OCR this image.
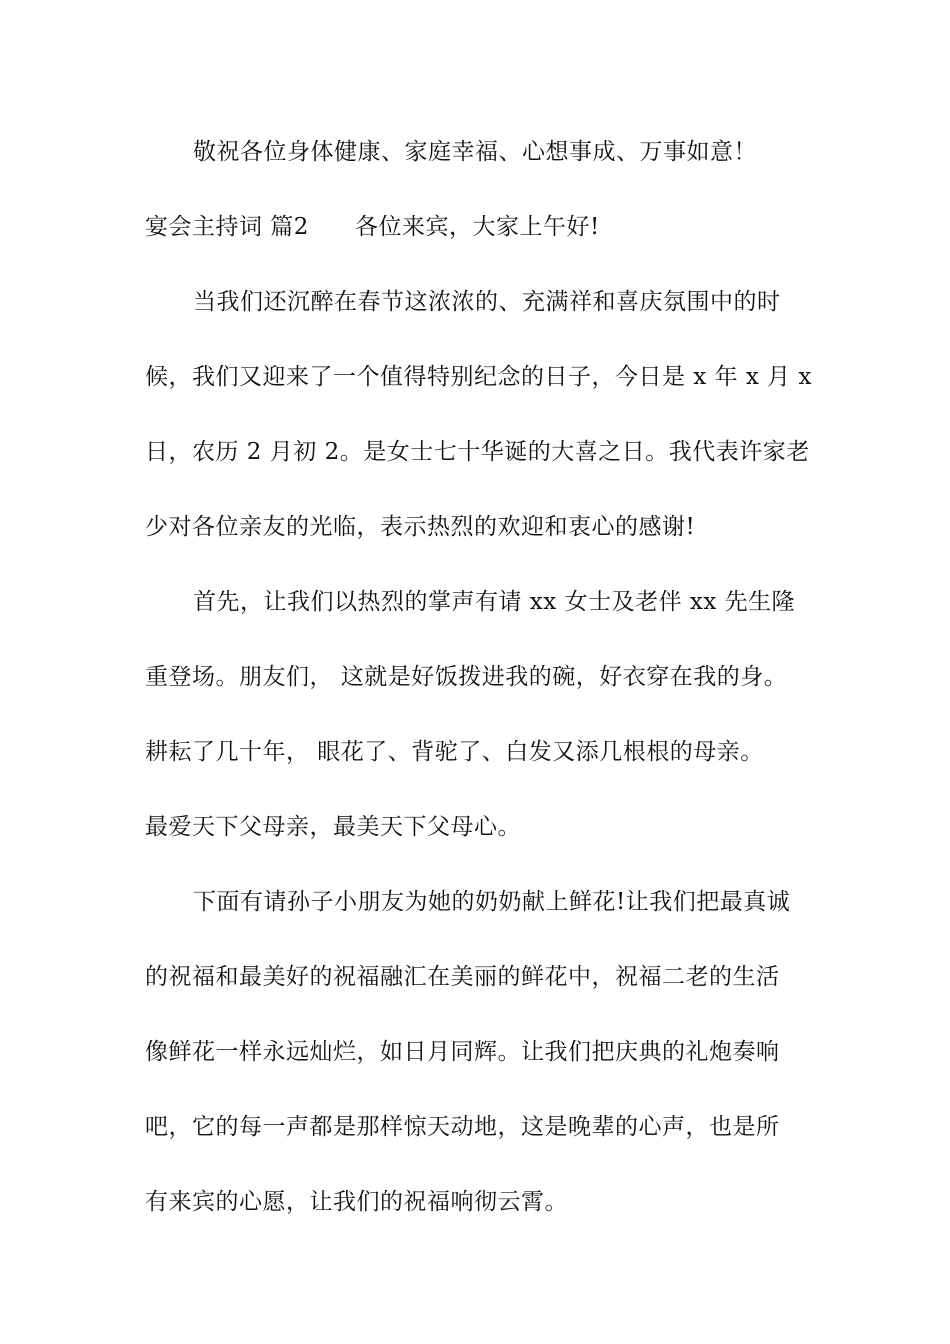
敬祝各位身体健康、家庭幸福、心想事成、万事如意！
宴会主持词 篇2 各位来宾，大家上午好!
当我们还沉醉在春节这浓浓的、充满祥和喜庆氛围中的时
候，我们又迎来了一个值得特别纪念的日子，今日是 x 年 x 月 x
日，农历 2 月初 2。是女士七十华诞的大喜之日。我代表许家老
少对各位亲友的光临，表示热烈的欢迎和衷心的感谢!
首先，让我们以热烈的掌声有请 xx 女士及老伴 xx 先生隆
重登场。朋友们， 这就是好饭拨进我的碗，好衣穿在我的身。
耕耘了几十年， 眼花了、背驼了、白发又添几根根的母亲。
最爱天下父母亲，最美天下父母心。
下面有请孙子小朋友为她的奶奶献上鲜花!让我们把最真诚
的祝福和最美好的祝福融汇在美丽的鲜花中，祝福二老的生活
像鲜花一样永远灿烂，如日月同辉。让我们把庆典的礼炮奏响
吧，它的每一声都是那样惊天动地，这是晚辈的心声，也是所
有来宾的心愿，让我们的祝福响彻云霄。
